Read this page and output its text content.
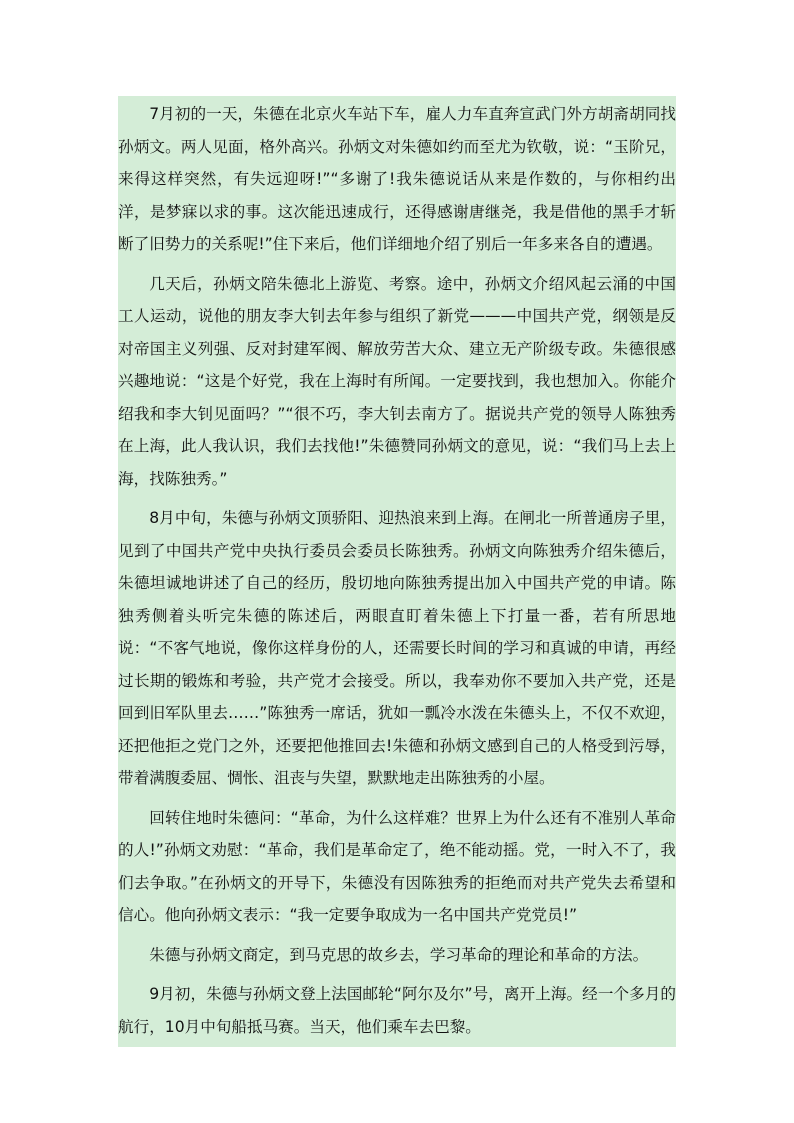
7月初的一天，朱德在北京火车站下车，雇人力车直奔宣武门外方胡斋胡同找孙炳文。两人见面，格外高兴。孙炳文对朱德如约而至尤为钦敬，说：“玉阶兄，来得这样突然，有失远迎呀!”“多谢了!我朱德说话从来是作数的，与你相约出洋，是梦寐以求的事。这次能迅速成行，还得感谢唐继尧，我是借他的黑手才斩断了旧势力的关系呢!”住下来后，他们详细地介绍了别后一年多来各自的遭遇。

几天后，孙炳文陪朱德北上游览、考察。途中，孙炳文介绍风起云涌的中国工人运动，说他的朋友李大钊去年参与组织了新党———中国共产党，纲领是反对帝国主义列强、反对封建军阀、解放劳苦大众、建立无产阶级专政。朱德很感兴趣地说：“这是个好党，我在上海时有所闻。一定要找到，我也想加入。你能介绍我和李大钊见面吗？”“很不巧，李大钊去南方了。据说共产党的领导人陈独秀在上海，此人我认识，我们去找他!”朱德赞同孙炳文的意见，说：“我们马上去上海，找陈独秀。”

8月中旬，朱德与孙炳文顶骄阳、迎热浪来到上海。在闸北一所普通房子里，见到了中国共产党中央执行委员会委员长陈独秀。孙炳文向陈独秀介绍朱德后，朱德坦诚地讲述了自己的经历，殷切地向陈独秀提出加入中国共产党的申请。陈独秀侧着头听完朱德的陈述后，两眼直盯着朱德上下打量一番，若有所思地说：“不客气地说，像你这样身份的人，还需要长时间的学习和真诚的申请，再经过长期的锻炼和考验，共产党才会接受。所以，我奉劝你不要加入共产党，还是回到旧军队里去……”陈独秀一席话，犹如一瓢冷水泼在朱德头上，不仅不欢迎，还把他拒之党门之外，还要把他推回去!朱德和孙炳文感到自己的人格受到污辱，带着满腹委屈、惆怅、沮丧与失望，默默地走出陈独秀的小屋。

回转住地时朱德问：“革命，为什么这样难？世界上为什么还有不准别人革命的人!”孙炳文劝慰：“革命，我们是革命定了，绝不能动摇。党，一时入不了，我们去争取。”在孙炳文的开导下，朱德没有因陈独秀的拒绝而对共产党失去希望和信心。他向孙炳文表示：“我一定要争取成为一名中国共产党党员!”

朱德与孙炳文商定，到马克思的故乡去，学习革命的理论和革命的方法。

9月初，朱德与孙炳文登上法国邮轮“阿尔及尔”号，离开上海。经一个多月的航行，10月中旬船抵马赛。当天，他们乘车去巴黎。
